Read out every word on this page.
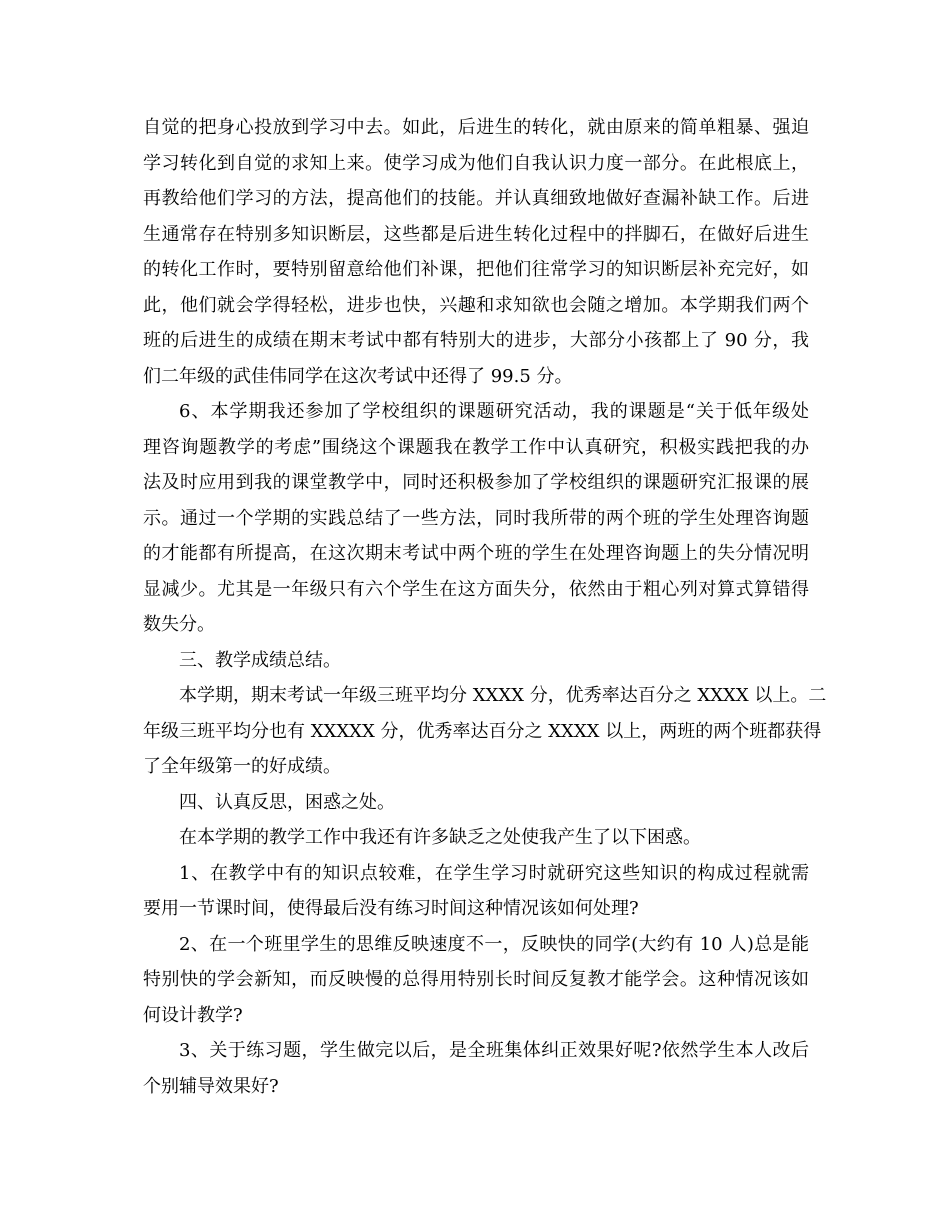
自觉的把身心投放到学习中去。如此，后进生的转化，就由原来的简单粗暴、强迫
学习转化到自觉的求知上来。使学习成为他们自我认识力度一部分。在此根底上，
再教给他们学习的方法，提高他们的技能。并认真细致地做好查漏补缺工作。后进
生通常存在特别多知识断层，这些都是后进生转化过程中的拌脚石，在做好后进生
的转化工作时，要特别留意给他们补课，把他们往常学习的知识断层补充完好，如
此，他们就会学得轻松，进步也快，兴趣和求知欲也会随之增加。本学期我们两个
班的后进生的成绩在期末考试中都有特别大的进步，大部分小孩都上了 90 分，我
们二年级的武佳伟同学在这次考试中还得了 99.5 分。
6、本学期我还参加了学校组织的课题研究活动，我的课题是“关于低年级处
理咨询题教学的考虑”围绕这个课题我在教学工作中认真研究，积极实践把我的办
法及时应用到我的课堂教学中，同时还积极参加了学校组织的课题研究汇报课的展
示。通过一个学期的实践总结了一些方法，同时我所带的两个班的学生处理咨询题
的才能都有所提高，在这次期末考试中两个班的学生在处理咨询题上的失分情况明
显减少。尤其是一年级只有六个学生在这方面失分，依然由于粗心列对算式算错得
数失分。
三、教学成绩总结。
本学期，期末考试一年级三班平均分 XXXX 分，优秀率达百分之 XXXX 以上。二
年级三班平均分也有 XXXXX 分，优秀率达百分之 XXXX 以上，两班的两个班都获得
了全年级第一的好成绩。
四、认真反思，困惑之处。
在本学期的教学工作中我还有许多缺乏之处使我产生了以下困惑。
1、在教学中有的知识点较难，在学生学习时就研究这些知识的构成过程就需
要用一节课时间，使得最后没有练习时间这种情况该如何处理?
2、在一个班里学生的思维反映速度不一，反映快的同学(大约有 10 人)总是能
特别快的学会新知，而反映慢的总得用特别长时间反复教才能学会。这种情况该如
何设计教学?
3、关于练习题，学生做完以后，是全班集体纠正效果好呢?依然学生本人改后
个别辅导效果好?
